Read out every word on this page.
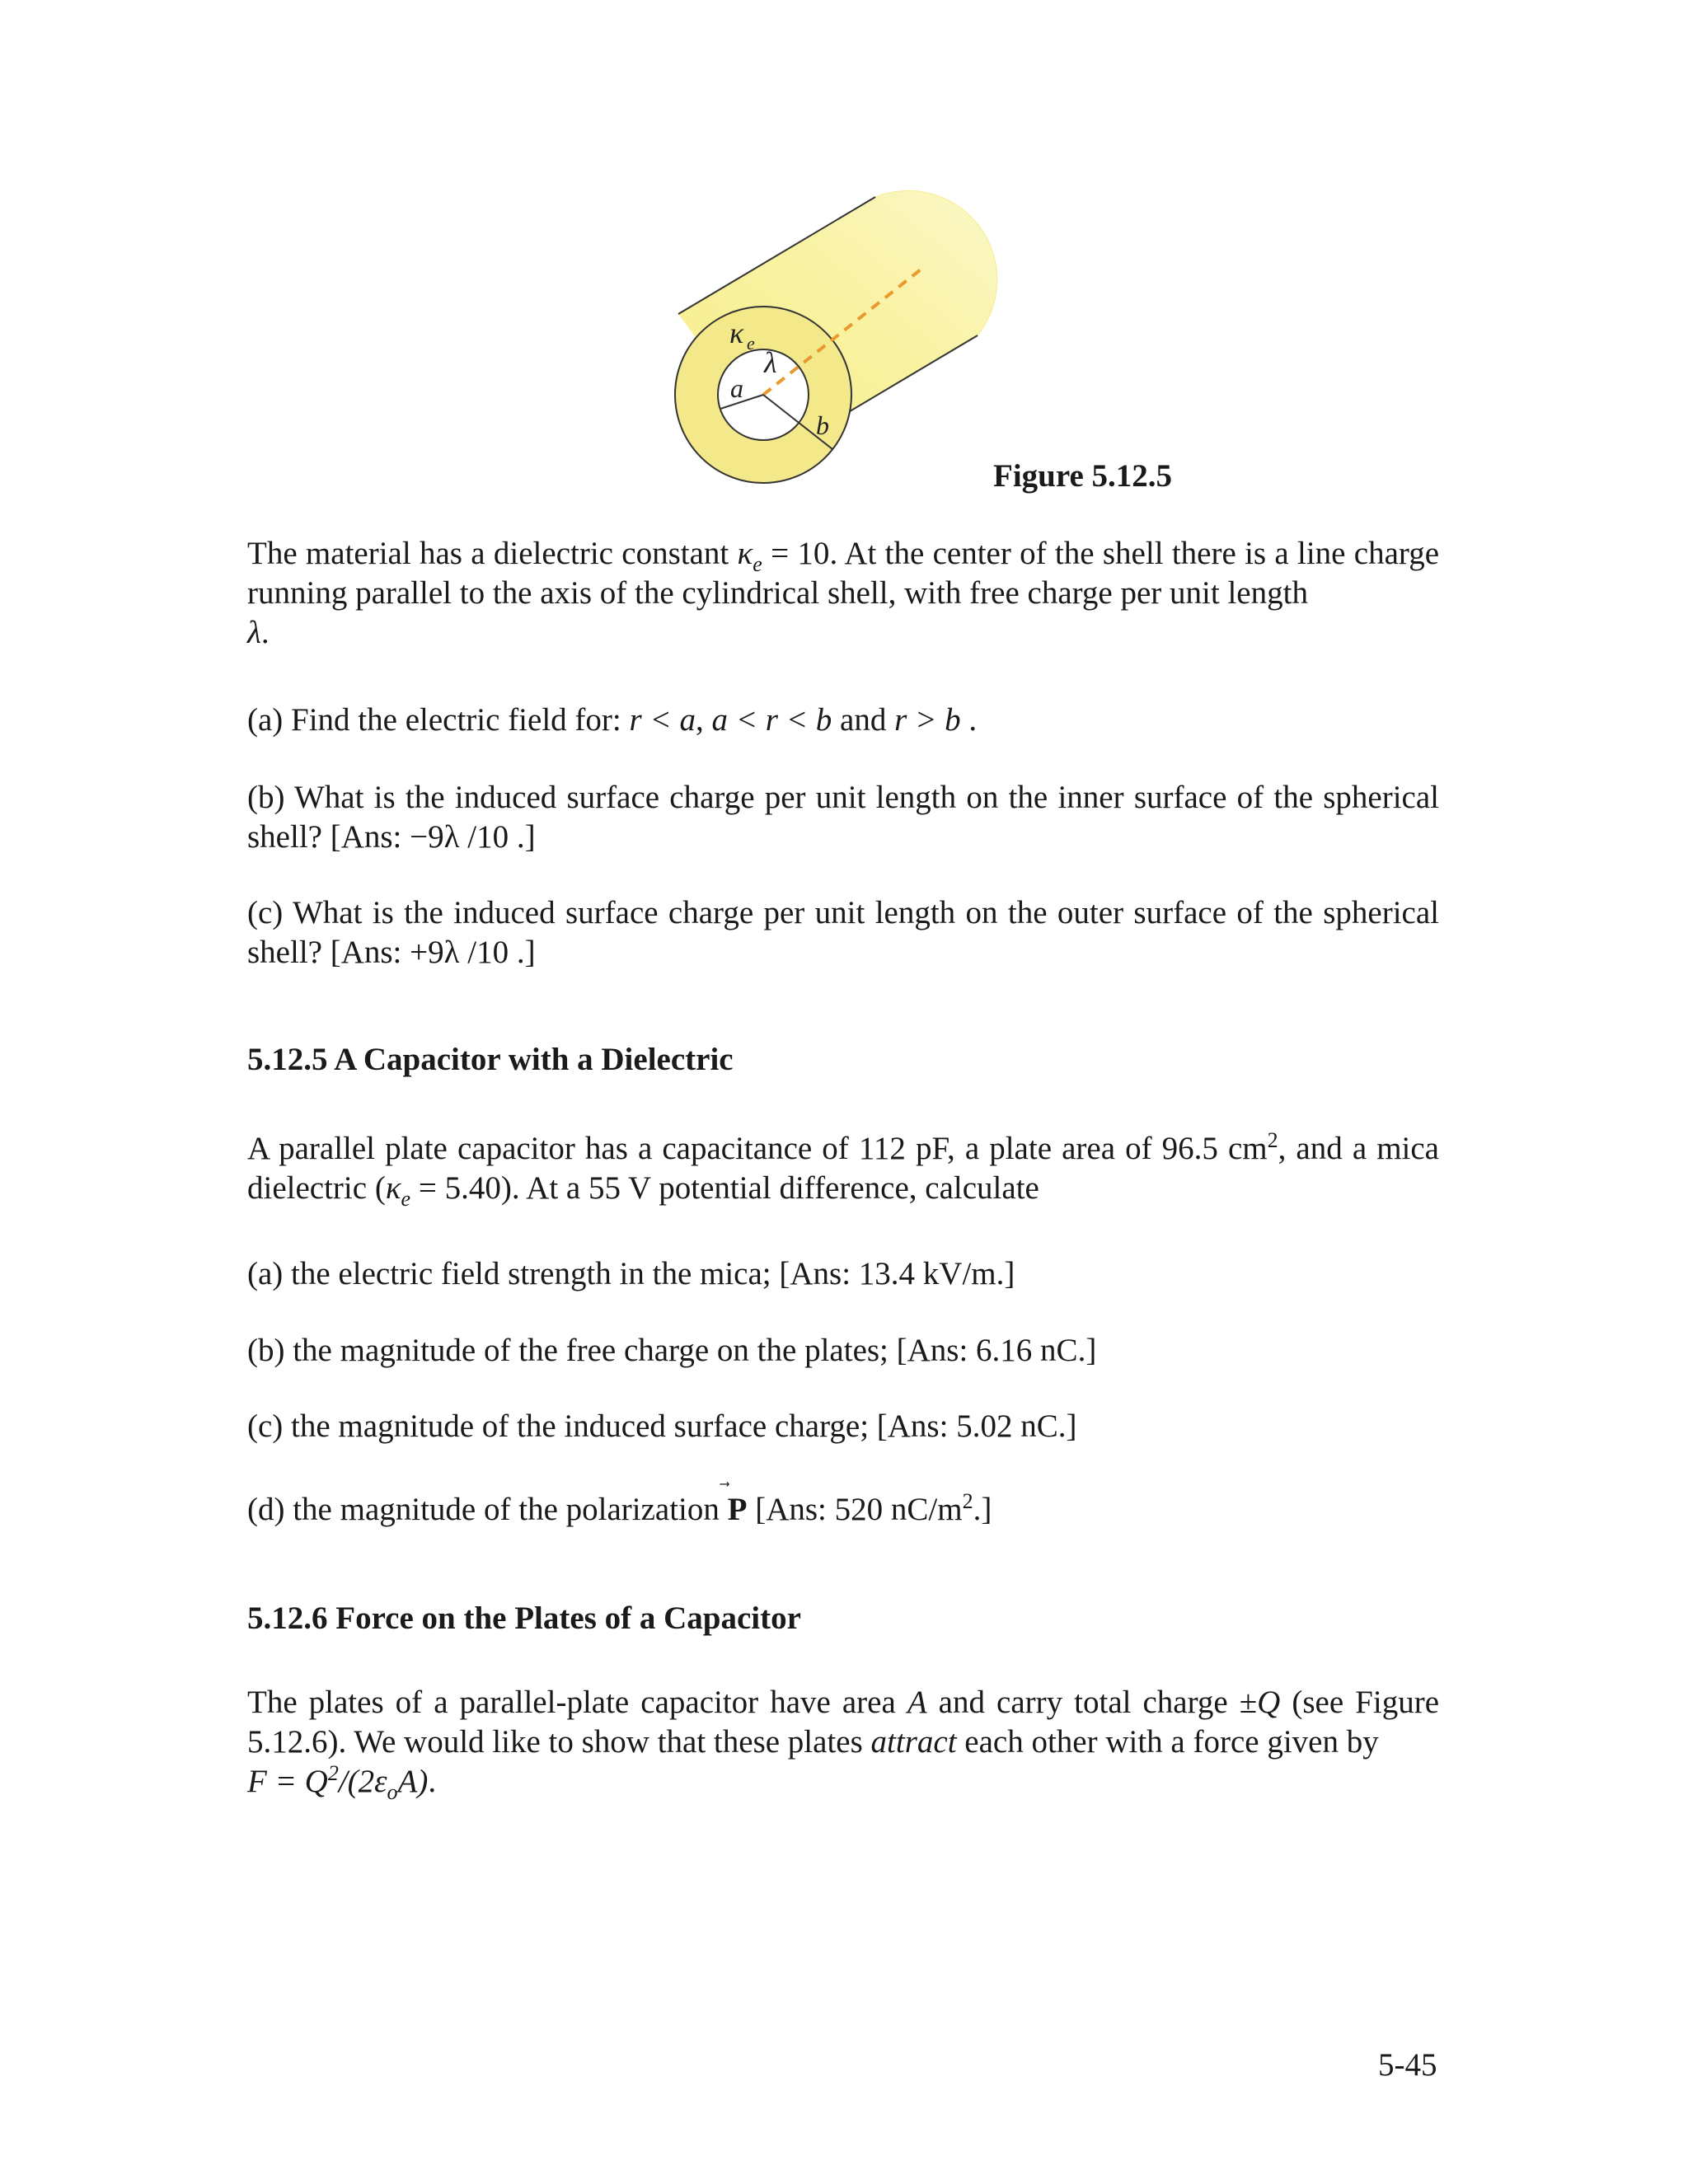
κ e
λ
a
b
Figure 5.12.5
The material has a dielectric constant $\kappa_e = 10$. At the center of the shell there is a line charge running parallel to the axis of the cylindrical shell, with free charge per unit length
λ.
(a) Find the electric field for: r < a, a < r < b and r > b .
(b) What is the induced surface charge per unit length on the inner surface of the spherical shell? [Ans: −9λ /10 .]
(c) What is the induced surface charge per unit length on the outer surface of the spherical shell? [Ans: +9λ /10 .]
5.12.5 A Capacitor with a Dielectric
A parallel plate capacitor has a capacitance of 112 pF, a plate area of 96.5 $cm^2$, and a mica dielectric $(\kappa_e = 5.40)$. At a 55 V potential difference, calculate
(a) the electric field strength in the mica; [Ans: 13.4 kV/m.]
(b) the magnitude of the free charge on the plates; [Ans: 6.16 nC.]
(c) the magnitude of the induced surface charge; [Ans: 5.02 nC.]
(d) the magnitude of the polarization
P [Ans: 520 $nC/m^2$.]
5.12.6 Force on the Plates of a Capacitor
The plates of a parallel-plate capacitor have area A and carry total charge ±Q (see Figure 5.12.6). We would like to show that these plates attract each other with a force given by
$F = Q^2/(2\varepsilon_oA)$.
5-45
